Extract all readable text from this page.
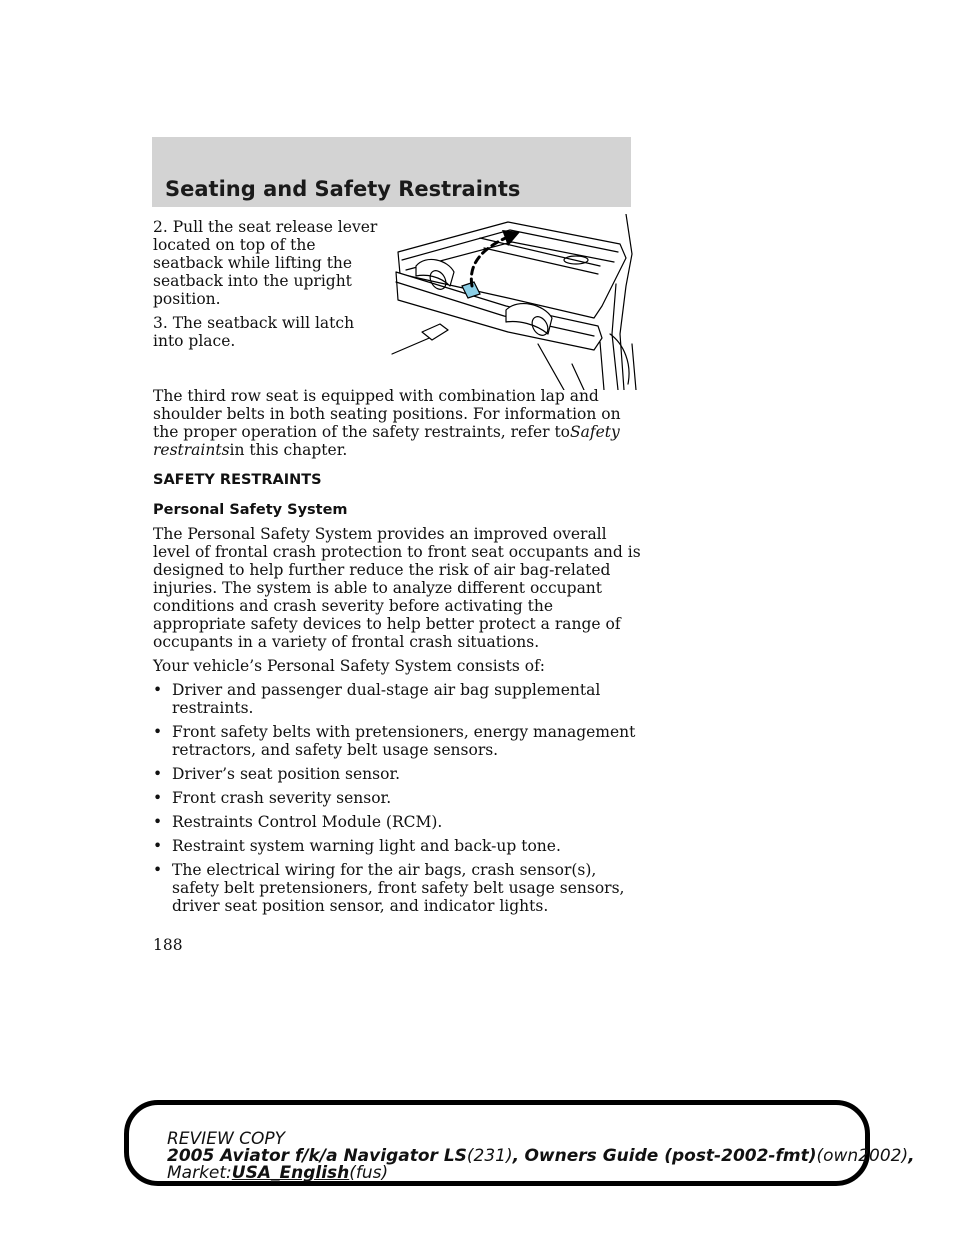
Seating and Safety Restraints

2. Pull the seat release lever located on top of the seatback while lifting the seatback into the upright position.

3. The seatback will latch into place.

The third row seat is equipped with combination lap and shoulder belts in both seating positions. For information on the proper operation of the safety restraints, refer toSafety restraintsin this chapter.

SAFETY RESTRAINTS
Personal Safety System

The Personal Safety System provides an improved overall level of frontal crash protection to front seat occupants and is designed to help further reduce the risk of air bag-related injuries. The system is able to analyze different occupant conditions and crash severity before activating the appropriate safety devices to help better protect a range of occupants in a variety of frontal crash situations.

Your vehicle’s Personal Safety System consists of:

• Driver and passenger dual-stage air bag supplemental restraints.
• Front safety belts with pretensioners, energy management retractors, and safety belt usage sensors.
• Driver’s seat position sensor.
• Front crash severity sensor.
• Restraints Control Module (RCM).
• Restraint system warning light and back-up tone.
• The electrical wiring for the air bags, crash sensor(s), safety belt pretensioners, front safety belt usage sensors, driver seat position sensor, and indicator lights.
188
REVIEW COPY
2005 Aviator f/k/a Navigator LS(231), Owners Guide (post-2002-fmt)(own2002),
Market:USA_English(fus)
